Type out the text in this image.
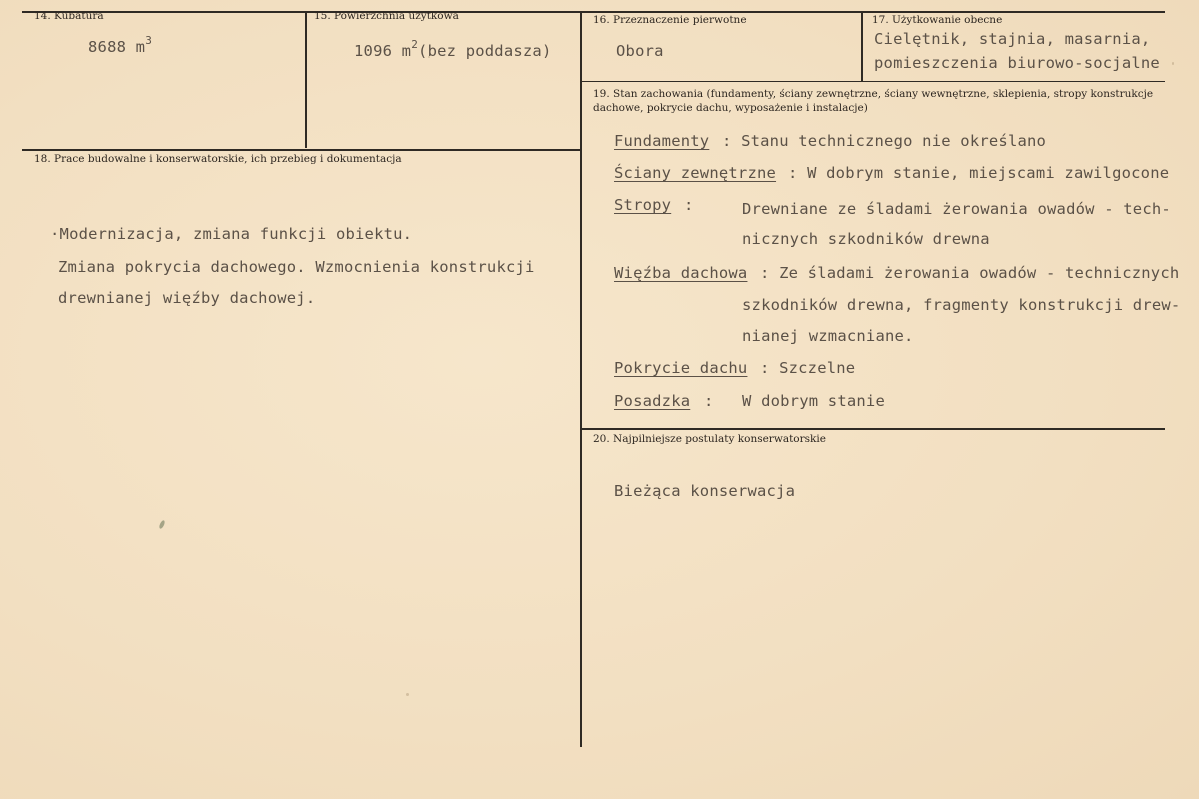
14. Kubatura
8688 $m^3$
15. Powierzchnia użytkowa
1096 $m^2(bez$ poddasza)
16. Przeznaczenie pierwotne
Obora
17. Użytkowanie obecne
Cielętnik, stajnia, masarnia,
pomieszczenia biurowo-socjalne
19. Stan zachowania (fundamenty, ściany zewnętrzne, ściany wewnętrzne, sklepienia, stropy konstrukcje dachowe, pokrycie dachu, wyposażenie i instalacje)
Fundamenty : Stanu technicznego nie określano
Ściany zewnętrzne : W dobrym stanie, miejscami zawilgocone
Stropy :	Drewniane ze śladami żerowania owadów - tech-
nicznych szkodników drewna
Więźba dachowa : Ze śladami żerowania owadów - technicznych
szkodników drewna, fragmenty konstrukcji drew-
nianej wzmacniane.
Pokrycie dachu : Szczelne
Posadzka : W dobrym stanie
18. Prace budowalne i konserwatorskie, ich przebieg i dokumentacja
·Modernizacja, zmiana funkcji obiektu.
Zmiana pokrycia dachowego. Wzmocnienia konstrukcji
drewnianej więźby dachowej.
20. Najpilniejsze postulaty konserwatorskie
Bieżąca konserwacja
